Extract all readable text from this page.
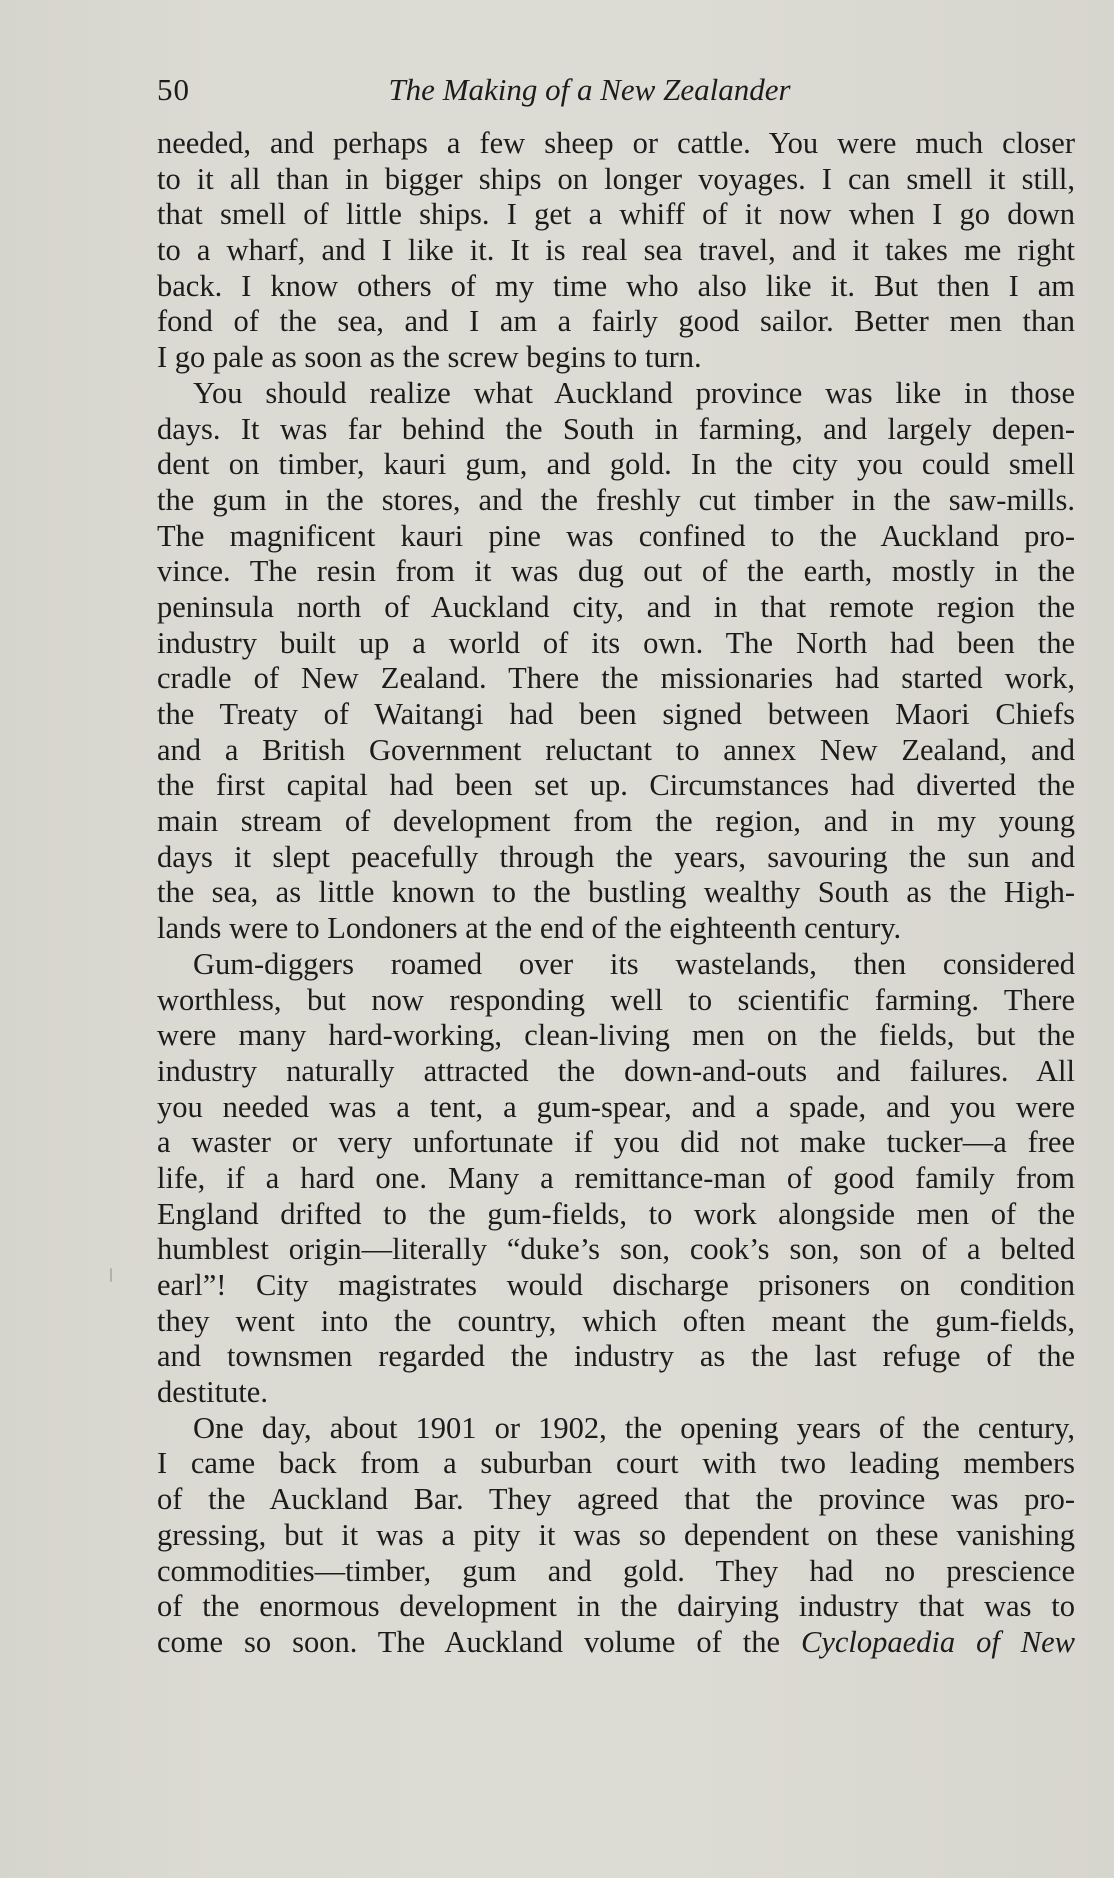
50	The Making of a New Zealander
needed, and perhaps a few sheep or cattle. You were much closer
to it all than in bigger ships on longer voyages. I can smell it still,
that smell of little ships. I get a whiff of it now when I go down
to a wharf, and I like it. It is real sea travel, and it takes me right
back. I know others of my time who also like it. But then I am
fond of the sea, and I am a fairly good sailor. Better men than
I go pale as soon as the screw begins to turn.
You should realize what Auckland province was like in those
days. It was far behind the South in farming, and largely depen-
dent on timber, kauri gum, and gold. In the city you could smell
the gum in the stores, and the freshly cut timber in the saw-mills.
The magnificent kauri pine was confined to the Auckland pro-
vince. The resin from it was dug out of the earth, mostly in the
peninsula north of Auckland city, and in that remote region the
industry built up a world of its own. The North had been the
cradle of New Zealand. There the missionaries had started work,
the Treaty of Waitangi had been signed between Maori Chiefs
and a British Government reluctant to annex New Zealand, and
the first capital had been set up. Circumstances had diverted the
main stream of development from the region, and in my young
days it slept peacefully through the years, savouring the sun and
the sea, as little known to the bustling wealthy South as the High-
lands were to Londoners at the end of the eighteenth century.
Gum-diggers roamed over its wastelands, then considered
worthless, but now responding well to scientific farming. There
were many hard-working, clean-living men on the fields, but the
industry naturally attracted the down-and-outs and failures. All
you needed was a tent, a gum-spear, and a spade, and you were
a waster or very unfortunate if you did not make tucker—a free
life, if a hard one. Many a remittance-man of good family from
England drifted to the gum-fields, to work alongside men of the
humblest origin—literally “duke’s son, cook’s son, son of a belted
earl”! City magistrates would discharge prisoners on condition
they went into the country, which often meant the gum-fields,
and townsmen regarded the industry as the last refuge of the
destitute.
One day, about 1901 or 1902, the opening years of the century,
I came back from a suburban court with two leading members
of the Auckland Bar. They agreed that the province was pro-
gressing, but it was a pity it was so dependent on these vanishing
commodities—timber, gum and gold. They had no prescience
of the enormous development in the dairying industry that was to
come so soon. The Auckland volume of the Cyclopaedia of New
